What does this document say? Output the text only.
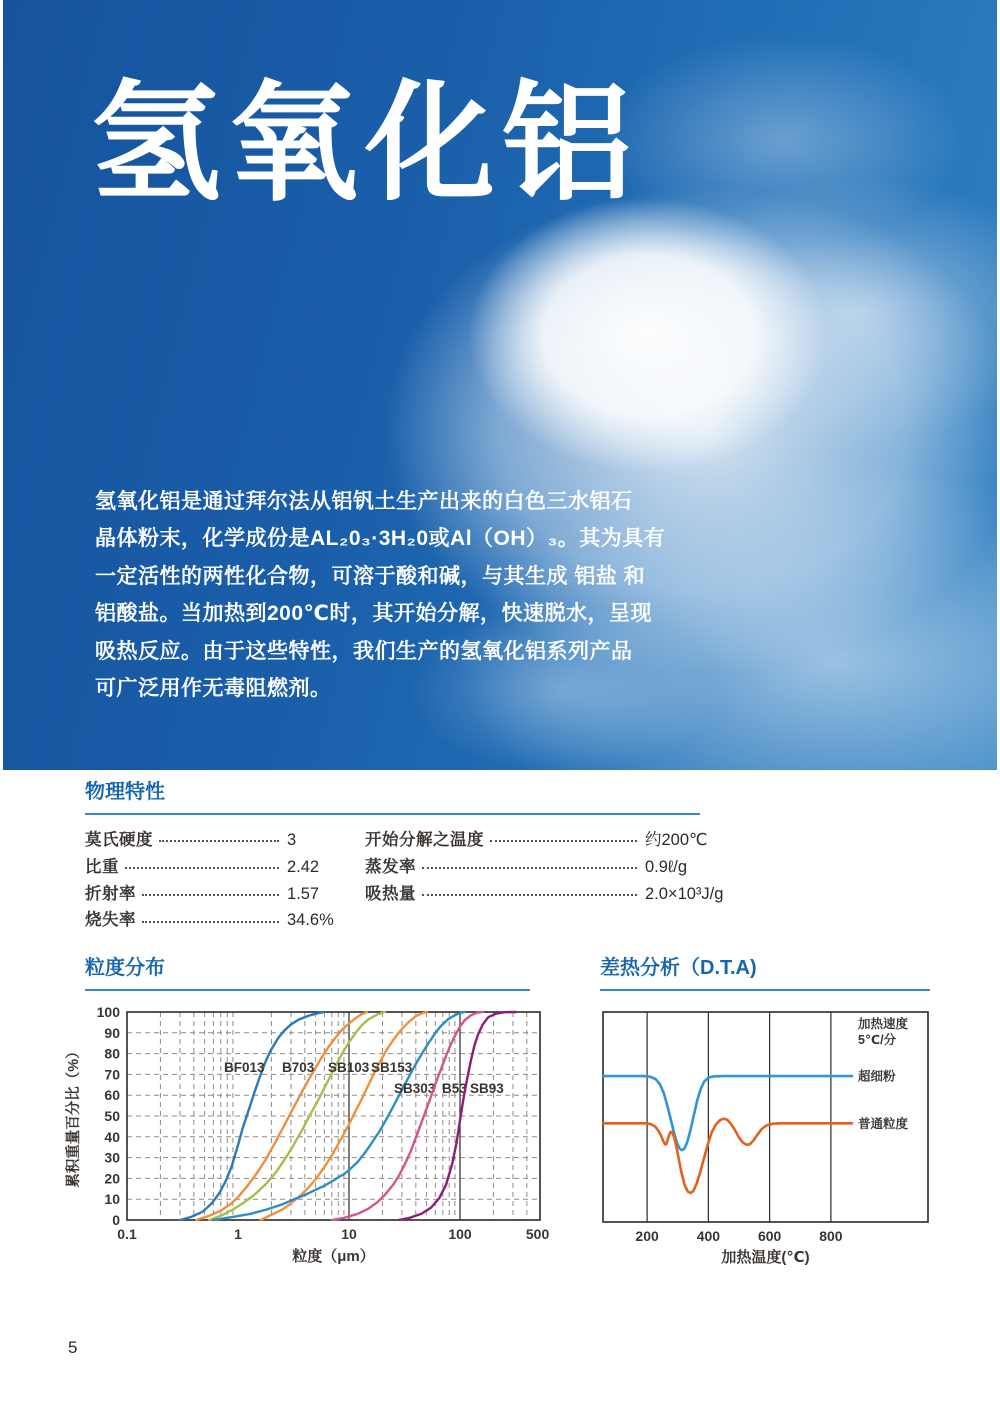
氢氧化铝
氢氧化铝是通过拜尔法从铝钒土生产出来的白色三水铝石
晶体粉末，化学成份是AL₂0₃·3H₂0或Al（OH）₃。其为具有
一定活性的两性化合物，可溶于酸和碱，与其生成 铝盐 和
铝酸盐。当加热到200℃时，其开始分解，快速脱水，呈现
吸热反应。由于这些特性，我们生产的氢氧化铝系列产品
可广泛用作无毒阻燃剂。
物理特性
莫氏硬度	3
比重	2.42
折射率	1.57
烧失率	34.6%
开始分解之温度	约200℃
蒸发率	0.9ℓ/g
吸热量	2.0×10³J/g
粒度分布	差热分析（D.T.A)
BF013 B703 SB103 SB153
SB303 B53 SB93
0
10
20
30
40
50
60
70
80
90
100
0.1	1	10	100	500
累积重量百分比（%）
粒度（μm）
超细粉
普通粒度
加热速度
5℃/分
200	400	600	800
加热温度(℃)
5
